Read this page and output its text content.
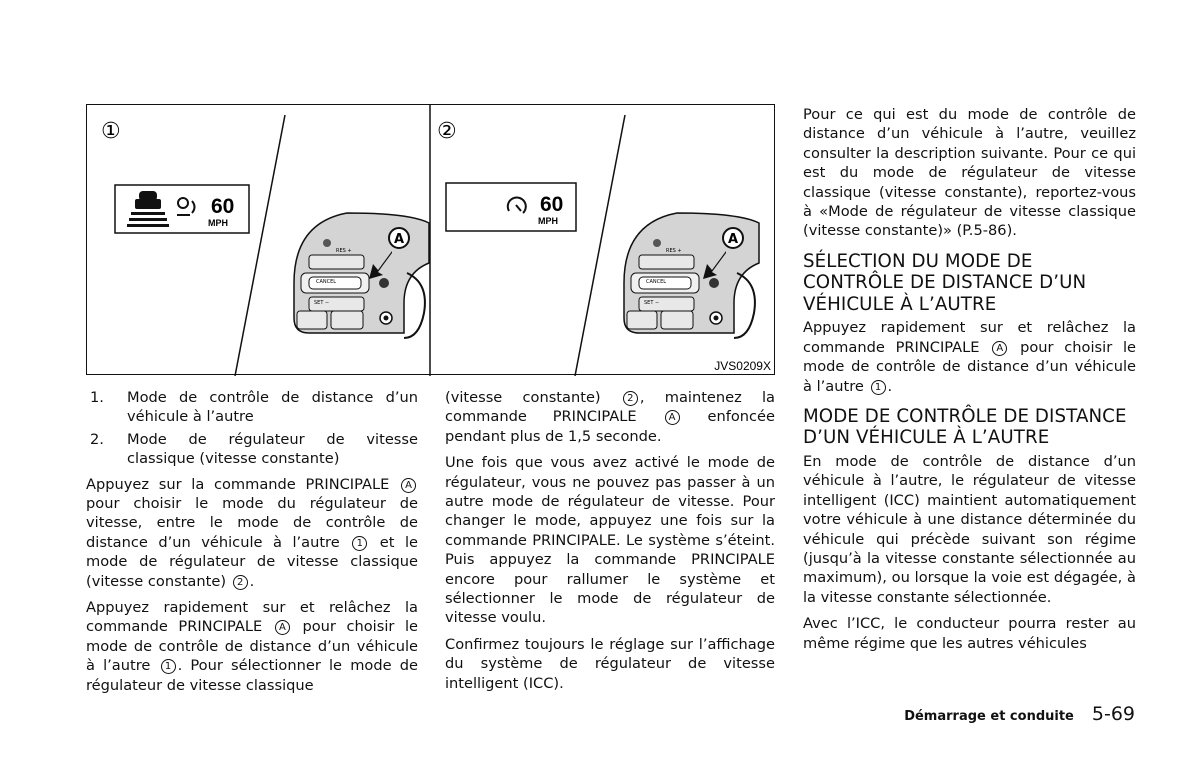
①
60
MPH
RES +
CANCEL
SET −
A
②
60
MPH
RES +
CANCEL
SET −
A
JVS0209X
1.	Mode de contrôle de distance d’un véhicule à l’autre
2.	Mode de régulateur de vitesse classique (vitesse constante)

Appuyez sur la commande PRINCIPALE A pour choisir le mode du régulateur de vitesse, entre le mode de contrôle de distance d’un véhicule à l’autre 1 et le mode de régulateur de vitesse classique (vitesse constante) 2 .

Appuyez rapidement sur et relâchez la commande PRINCIPALE A pour choisir le mode de contrôle de distance d’un véhicule à l’autre 1 . Pour sélectionner le mode de régulateur de vitesse classique

(vitesse constante)	2 , maintenez la commande PRINCIPALE	A enfoncée pendant plus de 1,5 seconde.

Une fois que vous avez activé le mode de régulateur, vous ne pouvez pas passer à un autre mode de régulateur de vitesse. Pour changer le mode, appuyez une fois sur la commande PRINCIPALE. Le système s’éteint. Puis appuyez la commande PRINCIPALE encore pour rallumer le système et sélectionner le mode de régulateur de vitesse voulu.

Confirmez toujours le réglage sur l’affichage du système de régulateur de vitesse intelligent (ICC).

Pour ce qui est du mode de contrôle de distance d’un véhicule à l’autre, veuillez consulter la description suivante. Pour ce qui est du mode de régulateur de vitesse classique (vitesse constante), reportez-vous à «Mode de régulateur de vitesse classique (vitesse constante)» (P.5-86).

SÉLECTION DU MODE DE CONTRÔLE DE DISTANCE D’UN VÉHICULE À L’AUTRE

Appuyez rapidement sur et relâchez la commande PRINCIPALE A pour choisir le mode de contrôle de distance d’un véhicule à l’autre 1 .

MODE DE CONTRÔLE DE DISTANCE D’UN VÉHICULE À L’AUTRE

En mode de contrôle de distance d’un véhicule à l’autre, le régulateur de vitesse intelligent (ICC) maintient automatiquement votre véhicule à une distance déterminée du véhicule qui précède suivant son régime (jusqu’à la vitesse constante sélectionnée au maximum), ou lorsque la voie est dégagée, à la vitesse constante sélectionnée.

Avec l’ICC, le conducteur pourra rester au même régime que les autres véhicules

Démarrage et conduite 5-69
